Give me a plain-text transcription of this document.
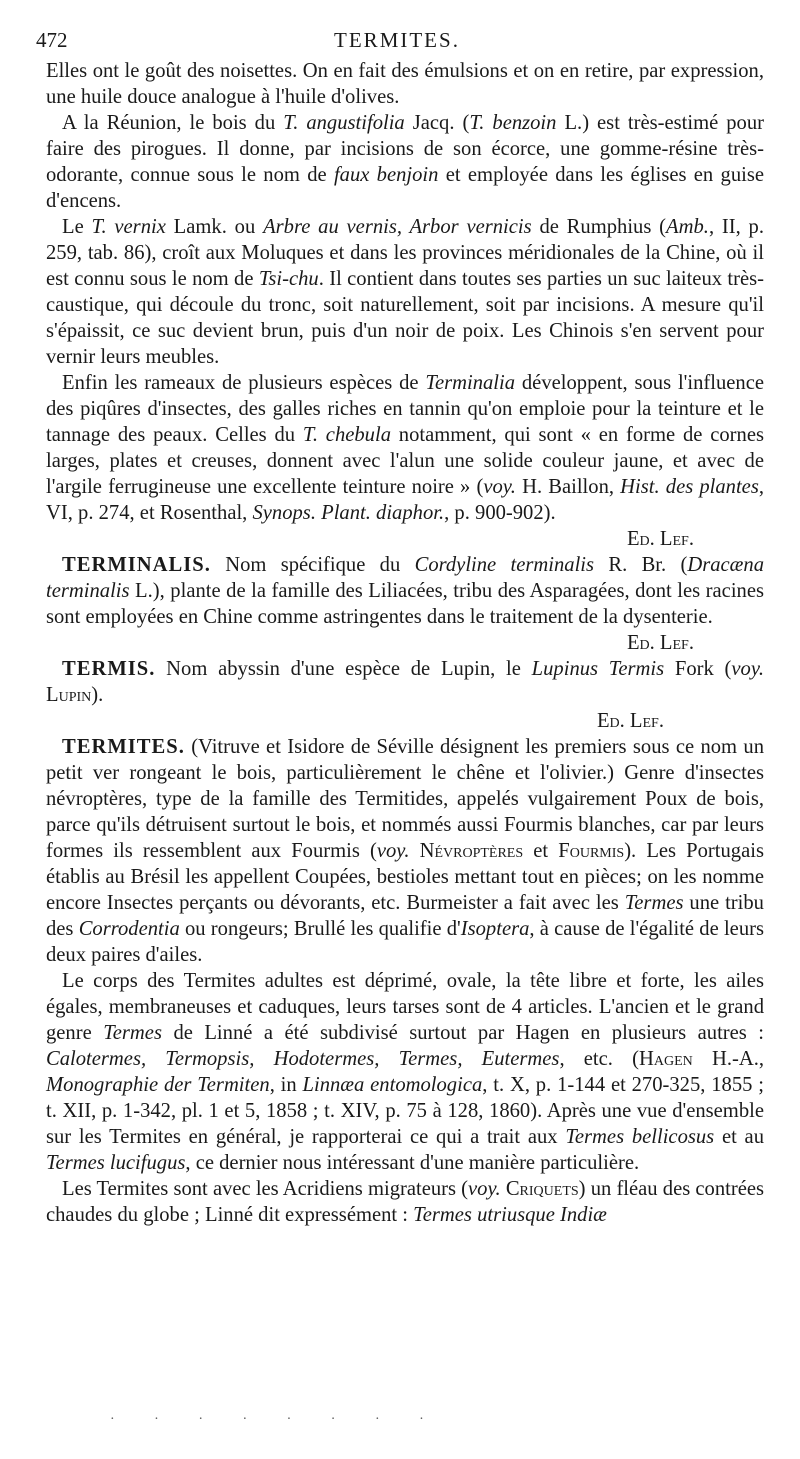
472	TERMITES.

Elles ont le goût des noisettes. On en fait des émulsions et on en retire, par expression, une huile douce analogue à l'huile d'olives.

A la Réunion, le bois du T. angustifolia Jacq. (T. benzoin L.) est très-estimé pour faire des pirogues. Il donne, par incisions de son écorce, une gomme-résine très-odorante, connue sous le nom de faux benjoin et employée dans les églises en guise d'encens.

Le T. vernix Lamk. ou Arbre au vernis, Arbor vernicis de Rumphius (Amb., II, p. 259, tab. 86), croît aux Moluques et dans les provinces méridionales de la Chine, où il est connu sous le nom de Tsi-chu. Il contient dans toutes ses parties un suc laiteux très-caustique, qui découle du tronc, soit naturellement, soit par incisions. A mesure qu'il s'épaissit, ce suc devient brun, puis d'un noir de poix. Les Chinois s'en servent pour vernir leurs meubles.

Enfin les rameaux de plusieurs espèces de Terminalia développent, sous l'influence des piqûres d'insectes, des galles riches en tannin qu'on emploie pour la teinture et le tannage des peaux. Celles du T. chebula notamment, qui sont « en forme de cornes larges, plates et creuses, donnent avec l'alun une solide couleur jaune, et avec de l'argile ferrugineuse une excellente teinture noire » (voy. H. Baillon, Hist. des plantes, VI, p. 274, et Rosenthal, Synops. Plant. diaphor., p. 900-902).
Ed. Lef.

TERMINALIS. Nom spécifique du Cordyline terminalis R. Br. (Dracæna terminalis L.), plante de la famille des Liliacées, tribu des Asparagées, dont les racines sont employées en Chine comme astringentes dans le traitement de la dysenterie.
Ed. Lef.

TERMIS. Nom abyssin d'une espèce de Lupin, le Lupinus Termis Fork (voy. Lupin).
Ed. Lef.

TERMITES. (Vitruve et Isidore de Séville désignent les premiers sous ce nom un petit ver rongeant le bois, particulièrement le chêne et l'olivier.) Genre d'insectes névroptères, type de la famille des Termitides, appelés vulgairement Poux de bois, parce qu'ils détruisent surtout le bois, et nommés aussi Fourmis blanches, car par leurs formes ils ressemblent aux Fourmis (voy. Névroptères et Fourmis). Les Portugais établis au Brésil les appellent Coupées, bestioles mettant tout en pièces; on les nomme encore Insectes perçants ou dévorants, etc. Burmeister a fait avec les Termes une tribu des Corrodentia ou rongeurs; Brullé les qualifie d'Isoptera, à cause de l'égalité de leurs deux paires d'ailes.

Le corps des Termites adultes est déprimé, ovale, la tête libre et forte, les ailes égales, membraneuses et caduques, leurs tarses sont de 4 articles. L'ancien et le grand genre Termes de Linné a été subdivisé surtout par Hagen en plusieurs autres : Calotermes, Termopsis, Hodotermes, Termes, Eutermes, etc. (Hagen H.-A., Monographie der Termiten, in Linnæa entomologica, t. X, p. 1-144 et 270-325, 1855 ; t. XII, p. 1-342, pl. 1 et 5, 1858 ; t. XIV, p. 75 à 128, 1860). Après une vue d'ensemble sur les Termites en général, je rapporterai ce qui a trait aux Termes bellicosus et au Termes lucifugus, ce dernier nous intéressant d'une manière particulière.

Les Termites sont avec les Acridiens migrateurs (voy. Criquets) un fléau des contrées chaudes du globe ; Linné dit expressément : Termes utriusque Indiæ

· · · · · · · ·
